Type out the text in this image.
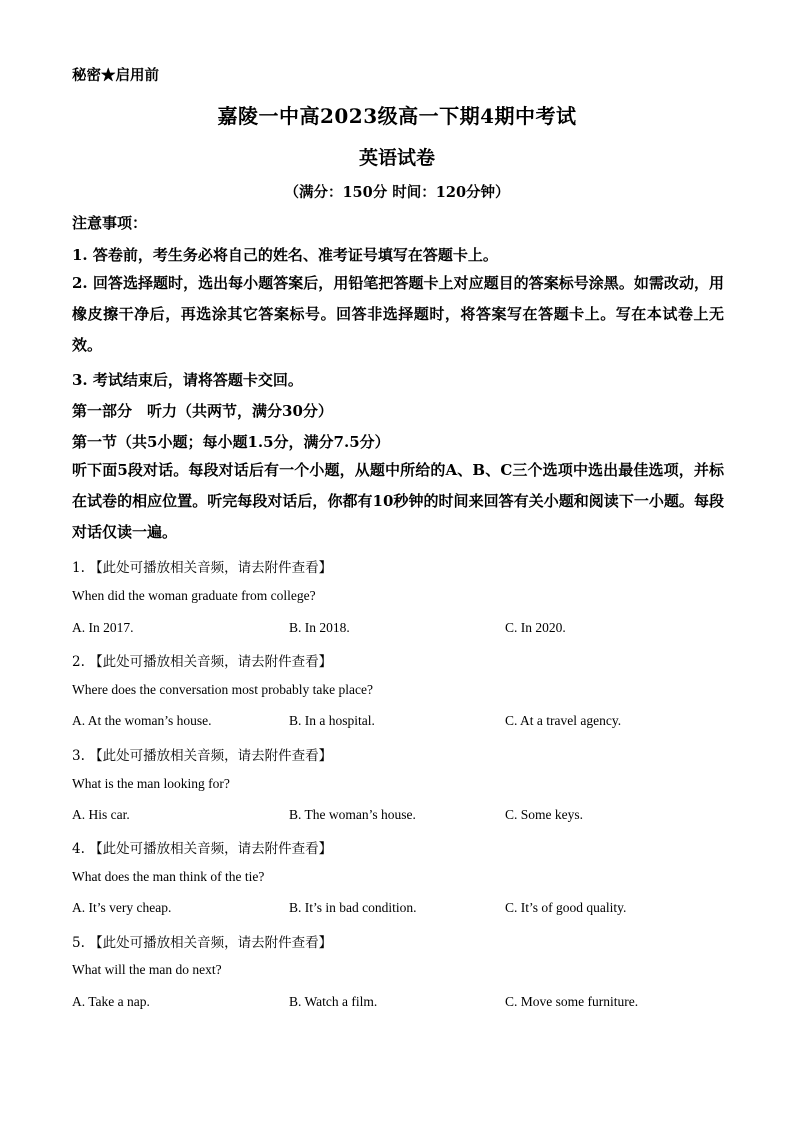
秘密★启用前
嘉陵一中高2023级高一下期4期中考试
英语试卷
（满分：150分 时间：120分钟）
注意事项：
1. 答卷前，考生务必将自己的姓名、准考证号填写在答题卡上。
2. 回答选择题时，选出每小题答案后，用铅笔把答题卡上对应题目的答案标号涂黑。如需改动，用橡皮擦干净后，再选涂其它答案标号。回答非选择题时，将答案写在答题卡上。写在本试卷上无效。
3. 考试结束后，请将答题卡交回。
第一部分　听力（共两节，满分30分）
第一节（共5小题；每小题1.5分，满分7.5分）
听下面5段对话。每段对话后有一个小题，从题中所给的A、B、C三个选项中选出最佳选项，并标在试卷的相应位置。听完每段对话后，你都有10秒钟的时间来回答有关小题和阅读下一小题。每段对话仅读一遍。
1. 【此处可播放相关音频，请去附件查看】
When did the woman graduate from college?
A. In 2017.	B. In 2018.	C. In 2020.
2. 【此处可播放相关音频，请去附件查看】
Where does the conversation most probably take place?
A. At the woman’s house.	B. In a hospital.	C. At a travel agency.
3. 【此处可播放相关音频，请去附件查看】
What is the man looking for?
A. His car.	B. The woman’s house.	C. Some keys.
4. 【此处可播放相关音频，请去附件查看】
What does the man think of the tie?
A. It’s very cheap.	B. It’s in bad condition.	C. It’s of good quality.
5. 【此处可播放相关音频，请去附件查看】
What will the man do next?
A. Take a nap.	B. Watch a film.	C. Move some furniture.
